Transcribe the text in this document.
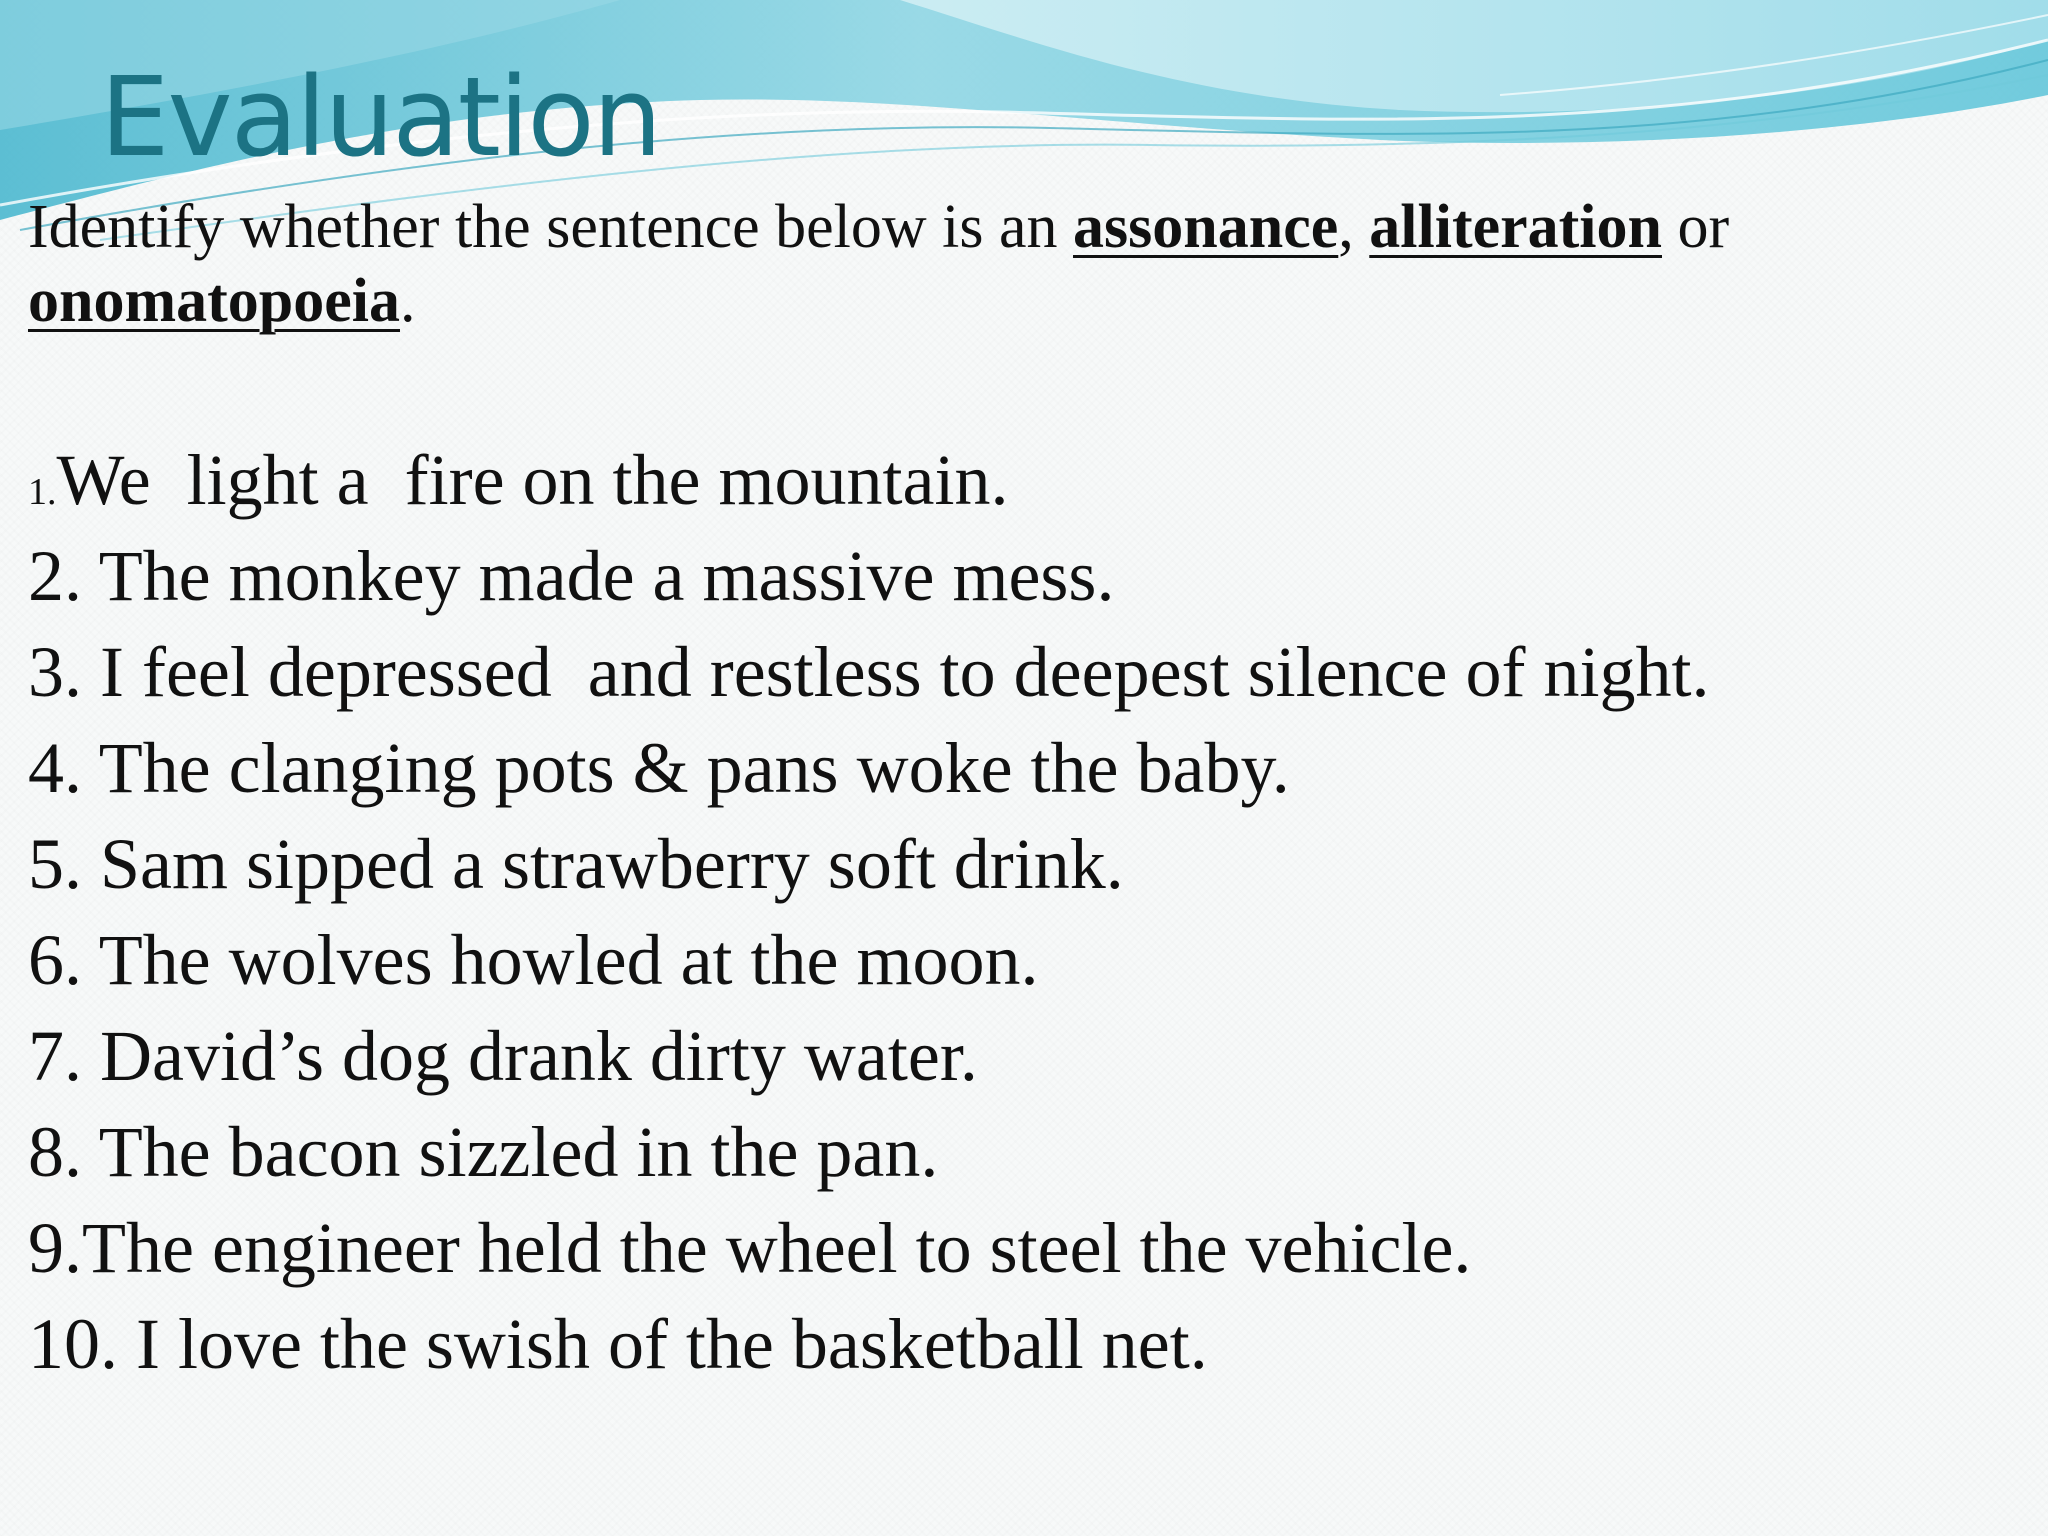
Evaluation
Identify whether the sentence below is an assonance, alliteration or onomatopoeia.
1.We  light a  fire on the mountain.
2. The monkey made a massive mess.
3. I feel depressed  and restless to deepest silence of night.
4. The clanging pots & pans woke the baby.
5. Sam sipped a strawberry soft drink.
6. The wolves howled at the moon.
7. David’s dog drank dirty water.
8. The bacon sizzled in the pan.
9.The engineer held the wheel to steel the vehicle.
10. I love the swish of the basketball net.
